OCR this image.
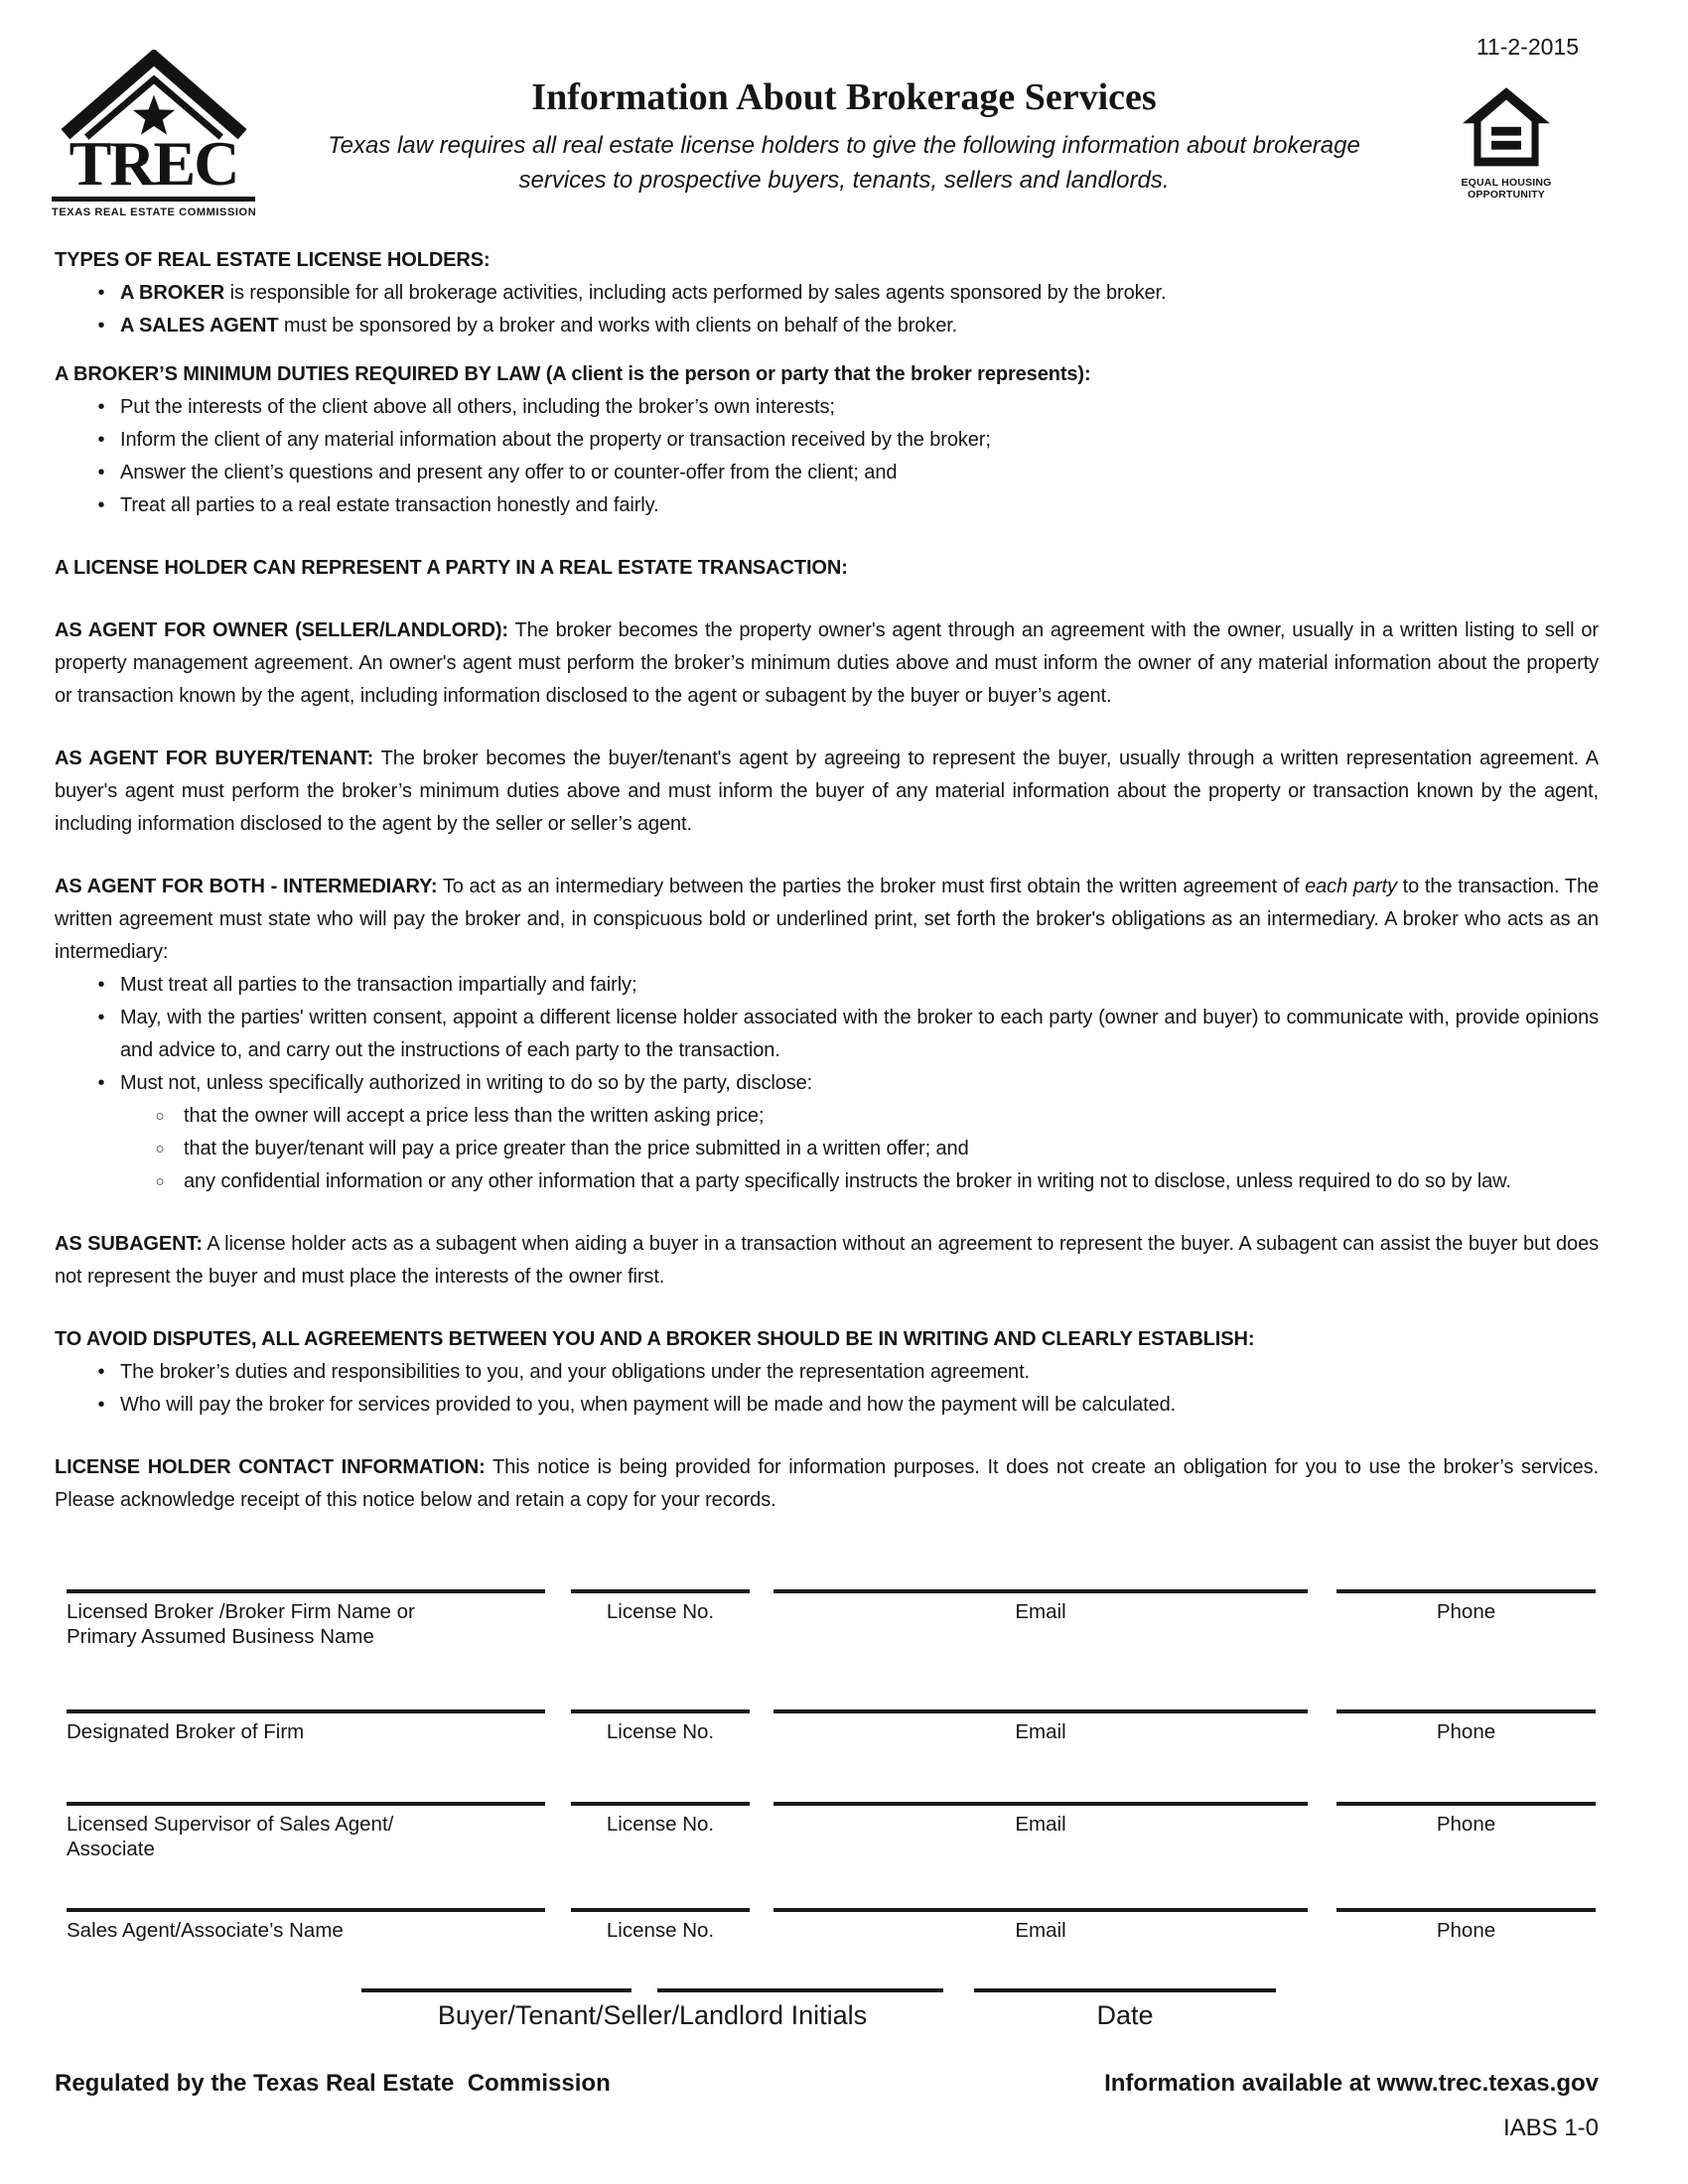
TREC
TEXAS REAL ESTATE COMMISSION
Information About Brokerage Services
Texas law requires all real estate license holders to give the following information about brokerage services to prospective buyers, tenants, sellers and landlords.
11-2-2015
EQUAL HOUSING
OPPORTUNITY
TYPES OF REAL ESTATE LICENSE HOLDERS:
• A BROKER is responsible for all brokerage activities, including acts performed by sales agents sponsored by the broker.
• A SALES AGENT must be sponsored by a broker and works with clients on behalf of the broker.
A BROKER’S MINIMUM DUTIES REQUIRED BY LAW (A client is the person or party that the broker represents):
• Put the interests of the client above all others, including the broker’s own interests;
• Inform the client of any material information about the property or transaction received by the broker;
• Answer the client’s questions and present any offer to or counter-offer from the client; and
• Treat all parties to a real estate transaction honestly and fairly.
A LICENSE HOLDER CAN REPRESENT A PARTY IN A REAL ESTATE TRANSACTION:
AS AGENT FOR OWNER (SELLER/LANDLORD): The broker becomes the property owner's agent through an agreement with the owner, usually in a written listing to sell or property management agreement. An owner's agent must perform the broker’s minimum duties above and must inform the owner of any material information about the property or transaction known by the agent, including information disclosed to the agent or subagent by the buyer or buyer’s agent.
AS AGENT FOR BUYER/TENANT: The broker becomes the buyer/tenant's agent by agreeing to represent the buyer, usually through a written representation agreement. A buyer's agent must perform the broker’s minimum duties above and must inform the buyer of any material information about the property or transaction known by the agent, including information disclosed to the agent by the seller or seller’s agent.
AS AGENT FOR BOTH - INTERMEDIARY: To act as an intermediary between the parties the broker must first obtain the written agreement of each party to the transaction. The written agreement must state who will pay the broker and, in conspicuous bold or underlined print, set forth the broker's obligations as an intermediary. A broker who acts as an intermediary:
• Must treat all parties to the transaction impartially and fairly;
• May, with the parties' written consent, appoint a different license holder associated with the broker to each party (owner and buyer) to communicate with, provide opinions and advice to, and carry out the instructions of each party to the transaction.
• Must not, unless specifically authorized in writing to do so by the party, disclose:
○ that the owner will accept a price less than the written asking price;
○ that the buyer/tenant will pay a price greater than the price submitted in a written offer; and
○ any confidential information or any other information that a party specifically instructs the broker in writing not to disclose, unless required to do so by law.
AS SUBAGENT: A license holder acts as a subagent when aiding a buyer in a transaction without an agreement to represent the buyer. A subagent can assist the buyer but does not represent the buyer and must place the interests of the owner first.
TO AVOID DISPUTES, ALL AGREEMENTS BETWEEN YOU AND A BROKER SHOULD BE IN WRITING AND CLEARLY ESTABLISH:
• The broker’s duties and responsibilities to you, and your obligations under the representation agreement.
• Who will pay the broker for services provided to you, when payment will be made and how the payment will be calculated.
LICENSE HOLDER CONTACT INFORMATION: This notice is being provided for information purposes. It does not create an obligation for you to use the broker’s services. Please acknowledge receipt of this notice below and retain a copy for your records.
Licensed Broker /Broker Firm Name or
Primary Assumed Business Name
License No.	Email	Phone
Designated Broker of Firm	License No.	Email	Phone
Licensed Supervisor of Sales Agent/
Associate
License No.	Email	Phone
Sales Agent/Associate’s Name	License No.	Email	Phone
Buyer/Tenant/Seller/Landlord Initials	Date
Regulated by the Texas Real Estate  Commission	Information available at www.trec.texas.gov
IABS 1-0
